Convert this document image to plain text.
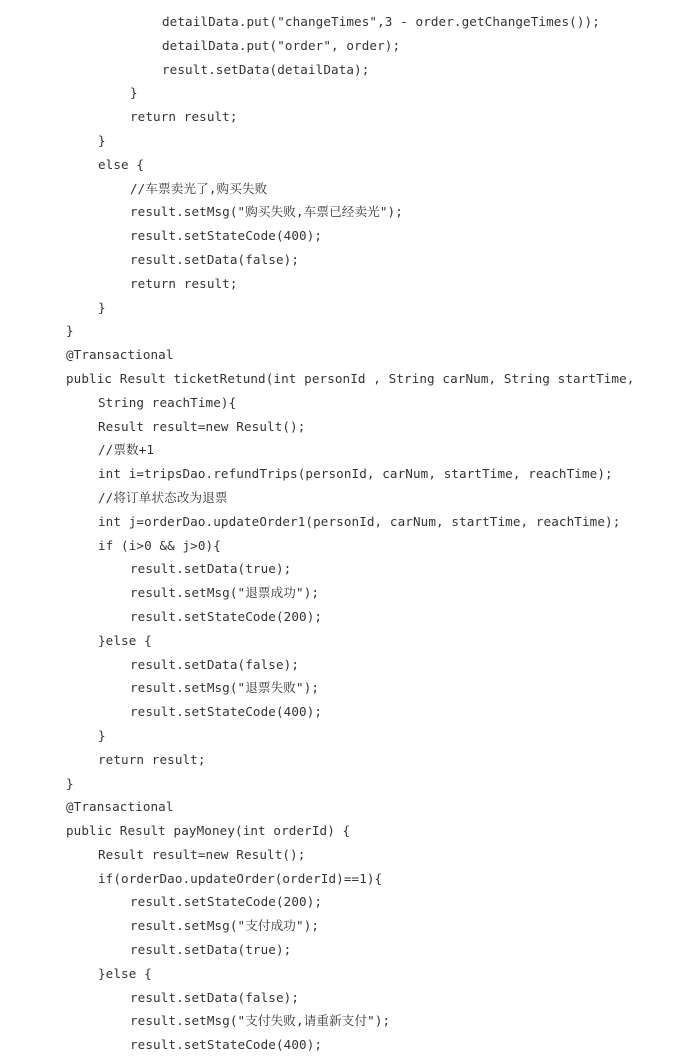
detailData.put("changeTimes",3 - order.getChangeTimes());
detailData.put("order", order);
result.setData(detailData);
}
return result;
}
else {
//车票卖光了,购买失败
result.setMsg("购买失败,车票已经卖光");
result.setStateCode(400);
result.setData(false);
return result;
}
}
@Transactional
public Result ticketRetund(int personId , String carNum, String startTime,
String reachTime){
Result result=new Result();
//票数+1
int i=tripsDao.refundTrips(personId, carNum, startTime, reachTime);
//将订单状态改为退票
int j=orderDao.updateOrder1(personId, carNum, startTime, reachTime);
if (i>0 && j>0){
result.setData(true);
result.setMsg("退票成功");
result.setStateCode(200);
}else {
result.setData(false);
result.setMsg("退票失败");
result.setStateCode(400);
}
return result;
}
@Transactional
public Result payMoney(int orderId) {
Result result=new Result();
if(orderDao.updateOrder(orderId)==1){
result.setStateCode(200);
result.setMsg("支付成功");
result.setData(true);
}else {
result.setData(false);
result.setMsg("支付失败,请重新支付");
result.setStateCode(400);
